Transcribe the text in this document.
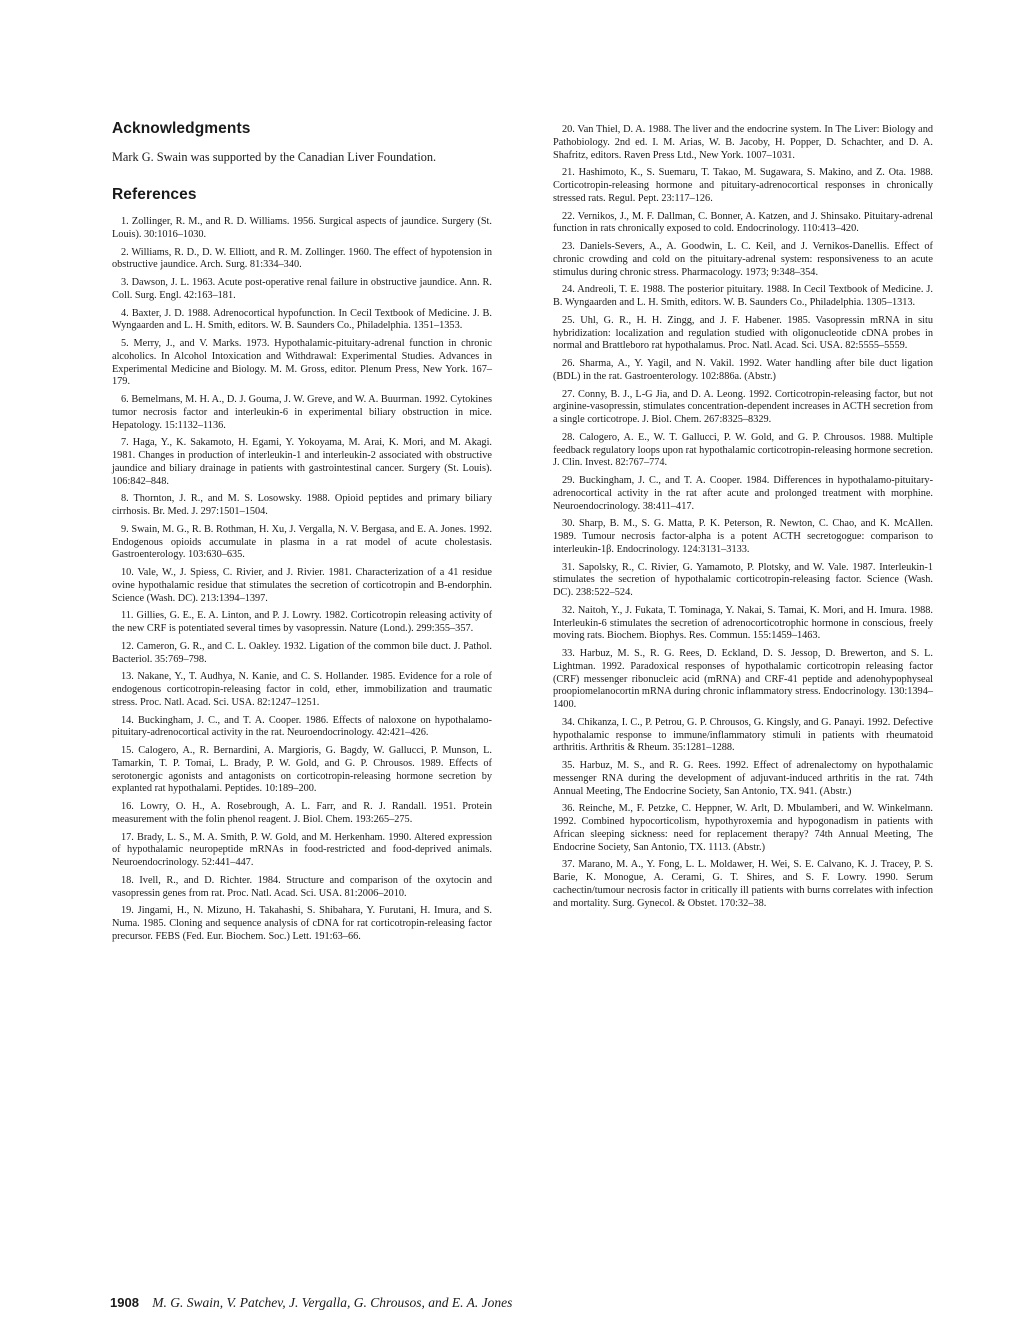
Acknowledgments

Mark G. Swain was supported by the Canadian Liver Foundation.

References
1. Zollinger, R. M., and R. D. Williams. 1956. Surgical aspects of jaundice. Surgery (St. Louis). 30:1016–1030.
2. Williams, R. D., D. W. Elliott, and R. M. Zollinger. 1960. The effect of hypotension in obstructive jaundice. Arch. Surg. 81:334–340.
3. Dawson, J. L. 1963. Acute post-operative renal failure in obstructive jaundice. Ann. R. Coll. Surg. Engl. 42:163–181.
4. Baxter, J. D. 1988. Adrenocortical hypofunction. In Cecil Textbook of Medicine. J. B. Wyngaarden and L. H. Smith, editors. W. B. Saunders Co., Philadelphia. 1351–1353.
5. Merry, J., and V. Marks. 1973. Hypothalamic-pituitary-adrenal function in chronic alcoholics. In Alcohol Intoxication and Withdrawal: Experimental Studies. Advances in Experimental Medicine and Biology. M. M. Gross, editor. Plenum Press, New York. 167–179.
6. Bemelmans, M. H. A., D. J. Gouma, J. W. Greve, and W. A. Buurman. 1992. Cytokines tumor necrosis factor and interleukin-6 in experimental biliary obstruction in mice. Hepatology. 15:1132–1136.
7. Haga, Y., K. Sakamoto, H. Egami, Y. Yokoyama, M. Arai, K. Mori, and M. Akagi. 1981. Changes in production of interleukin-1 and interleukin-2 associated with obstructive jaundice and biliary drainage in patients with gastrointestinal cancer. Surgery (St. Louis). 106:842–848.
8. Thornton, J. R., and M. S. Losowsky. 1988. Opioid peptides and primary biliary cirrhosis. Br. Med. J. 297:1501–1504.
9. Swain, M. G., R. B. Rothman, H. Xu, J. Vergalla, N. V. Bergasa, and E. A. Jones. 1992. Endogenous opioids accumulate in plasma in a rat model of acute cholestasis. Gastroenterology. 103:630–635.
10. Vale, W., J. Spiess, C. Rivier, and J. Rivier. 1981. Characterization of a 41 residue ovine hypothalamic residue that stimulates the secretion of corticotropin and B-endorphin. Science (Wash. DC). 213:1394–1397.
11. Gillies, G. E., E. A. Linton, and P. J. Lowry. 1982. Corticotropin releasing activity of the new CRF is potentiated several times by vasopressin. Nature (Lond.). 299:355–357.
12. Cameron, G. R., and C. L. Oakley. 1932. Ligation of the common bile duct. J. Pathol. Bacteriol. 35:769–798.
13. Nakane, Y., T. Audhya, N. Kanie, and C. S. Hollander. 1985. Evidence for a role of endogenous corticotropin-releasing factor in cold, ether, immobilization and traumatic stress. Proc. Natl. Acad. Sci. USA. 82:1247–1251.
14. Buckingham, J. C., and T. A. Cooper. 1986. Effects of naloxone on hypothalamo-pituitary-adrenocortical activity in the rat. Neuroendocrinology. 42:421–426.
15. Calogero, A., R. Bernardini, A. Margioris, G. Bagdy, W. Gallucci, P. Munson, L. Tamarkin, T. P. Tomai, L. Brady, P. W. Gold, and G. P. Chrousos. 1989. Effects of serotonergic agonists and antagonists on corticotropin-releasing hormone secretion by explanted rat hypothalami. Peptides. 10:189–200.
16. Lowry, O. H., A. Rosebrough, A. L. Farr, and R. J. Randall. 1951. Protein measurement with the folin phenol reagent. J. Biol. Chem. 193:265–275.
17. Brady, L. S., M. A. Smith, P. W. Gold, and M. Herkenham. 1990. Altered expression of hypothalamic neuropeptide mRNAs in food-restricted and food-deprived animals. Neuroendocrinology. 52:441–447.
18. Ivell, R., and D. Richter. 1984. Structure and comparison of the oxytocin and vasopressin genes from rat. Proc. Natl. Acad. Sci. USA. 81:2006–2010.
19. Jingami, H., N. Mizuno, H. Takahashi, S. Shibahara, Y. Furutani, H. Imura, and S. Numa. 1985. Cloning and sequence analysis of cDNA for rat corticotropin-releasing factor precursor. FEBS (Fed. Eur. Biochem. Soc.) Lett. 191:63–66.
20. Van Thiel, D. A. 1988. The liver and the endocrine system. In The Liver: Biology and Pathobiology. 2nd ed. I. M. Arias, W. B. Jacoby, H. Popper, D. Schachter, and D. A. Shafritz, editors. Raven Press Ltd., New York. 1007–1031.
21. Hashimoto, K., S. Suemaru, T. Takao, M. Sugawara, S. Makino, and Z. Ota. 1988. Corticotropin-releasing hormone and pituitary-adrenocortical responses in chronically stressed rats. Regul. Pept. 23:117–126.
22. Vernikos, J., M. F. Dallman, C. Bonner, A. Katzen, and J. Shinsako. Pituitary-adrenal function in rats chronically exposed to cold. Endocrinology. 110:413–420.
23. Daniels-Severs, A., A. Goodwin, L. C. Keil, and J. Vernikos-Danellis. Effect of chronic crowding and cold on the pituitary-adrenal system: responsiveness to an acute stimulus during chronic stress. Pharmacology. 1973; 9:348–354.
24. Andreoli, T. E. 1988. The posterior pituitary. 1988. In Cecil Textbook of Medicine. J. B. Wyngaarden and L. H. Smith, editors. W. B. Saunders Co., Philadelphia. 1305–1313.
25. Uhl, G. R., H. H. Zingg, and J. F. Habener. 1985. Vasopressin mRNA in situ hybridization: localization and regulation studied with oligonucleotide cDNA probes in normal and Brattleboro rat hypothalamus. Proc. Natl. Acad. Sci. USA. 82:5555–5559.
26. Sharma, A., Y. Yagil, and N. Vakil. 1992. Water handling after bile duct ligation (BDL) in the rat. Gastroenterology. 102:886a. (Abstr.)
27. Conny, B. J., L-G Jia, and D. A. Leong. 1992. Corticotropin-releasing factor, but not arginine-vasopressin, stimulates concentration-dependent increases in ACTH secretion from a single corticotrope. J. Biol. Chem. 267:8325–8329.
28. Calogero, A. E., W. T. Gallucci, P. W. Gold, and G. P. Chrousos. 1988. Multiple feedback regulatory loops upon rat hypothalamic corticotropin-releasing hormone secretion. J. Clin. Invest. 82:767–774.
29. Buckingham, J. C., and T. A. Cooper. 1984. Differences in hypothalamo-pituitary-adrenocortical activity in the rat after acute and prolonged treatment with morphine. Neuroendocrinology. 38:411–417.
30. Sharp, B. M., S. G. Matta, P. K. Peterson, R. Newton, C. Chao, and K. McAllen. 1989. Tumour necrosis factor-alpha is a potent ACTH secretogogue: comparison to interleukin-1β. Endocrinology. 124:3131–3133.
31. Sapolsky, R., C. Rivier, G. Yamamoto, P. Plotsky, and W. Vale. 1987. Interleukin-1 stimulates the secretion of hypothalamic corticotropin-releasing factor. Science (Wash. DC). 238:522–524.
32. Naitoh, Y., J. Fukata, T. Tominaga, Y. Nakai, S. Tamai, K. Mori, and H. Imura. 1988. Interleukin-6 stimulates the secretion of adrenocorticotrophic hormone in conscious, freely moving rats. Biochem. Biophys. Res. Commun. 155:1459–1463.
33. Harbuz, M. S., R. G. Rees, D. Eckland, D. S. Jessop, D. Brewerton, and S. L. Lightman. 1992. Paradoxical responses of hypothalamic corticotropin releasing factor (CRF) messenger ribonucleic acid (mRNA) and CRF-41 peptide and adenohypophyseal proopiomelanocortin mRNA during chronic inflammatory stress. Endocrinology. 130:1394–1400.
34. Chikanza, I. C., P. Petrou, G. P. Chrousos, G. Kingsly, and G. Panayi. 1992. Defective hypothalamic response to immune/inflammatory stimuli in patients with rheumatoid arthritis. Arthritis & Rheum. 35:1281–1288.
35. Harbuz, M. S., and R. G. Rees. 1992. Effect of adrenalectomy on hypothalamic messenger RNA during the development of adjuvant-induced arthritis in the rat. 74th Annual Meeting, The Endocrine Society, San Antonio, TX. 941. (Abstr.)
36. Reinche, M., F. Petzke, C. Heppner, W. Arlt, D. Mbulamberi, and W. Winkelmann. 1992. Combined hypocorticolism, hypothyroxemia and hypogonadism in patients with African sleeping sickness: need for replacement therapy? 74th Annual Meeting, The Endocrine Society, San Antonio, TX. 1113. (Abstr.)
37. Marano, M. A., Y. Fong, L. L. Moldawer, H. Wei, S. E. Calvano, K. J. Tracey, P. S. Barie, K. Monogue, A. Cerami, G. T. Shires, and S. F. Lowry. 1990. Serum cachectin/tumour necrosis factor in critically ill patients with burns correlates with infection and mortality. Surg. Gynecol. & Obstet. 170:32–38.
1908 M. G. Swain, V. Patchev, J. Vergalla, G. Chrousos, and E. A. Jones
